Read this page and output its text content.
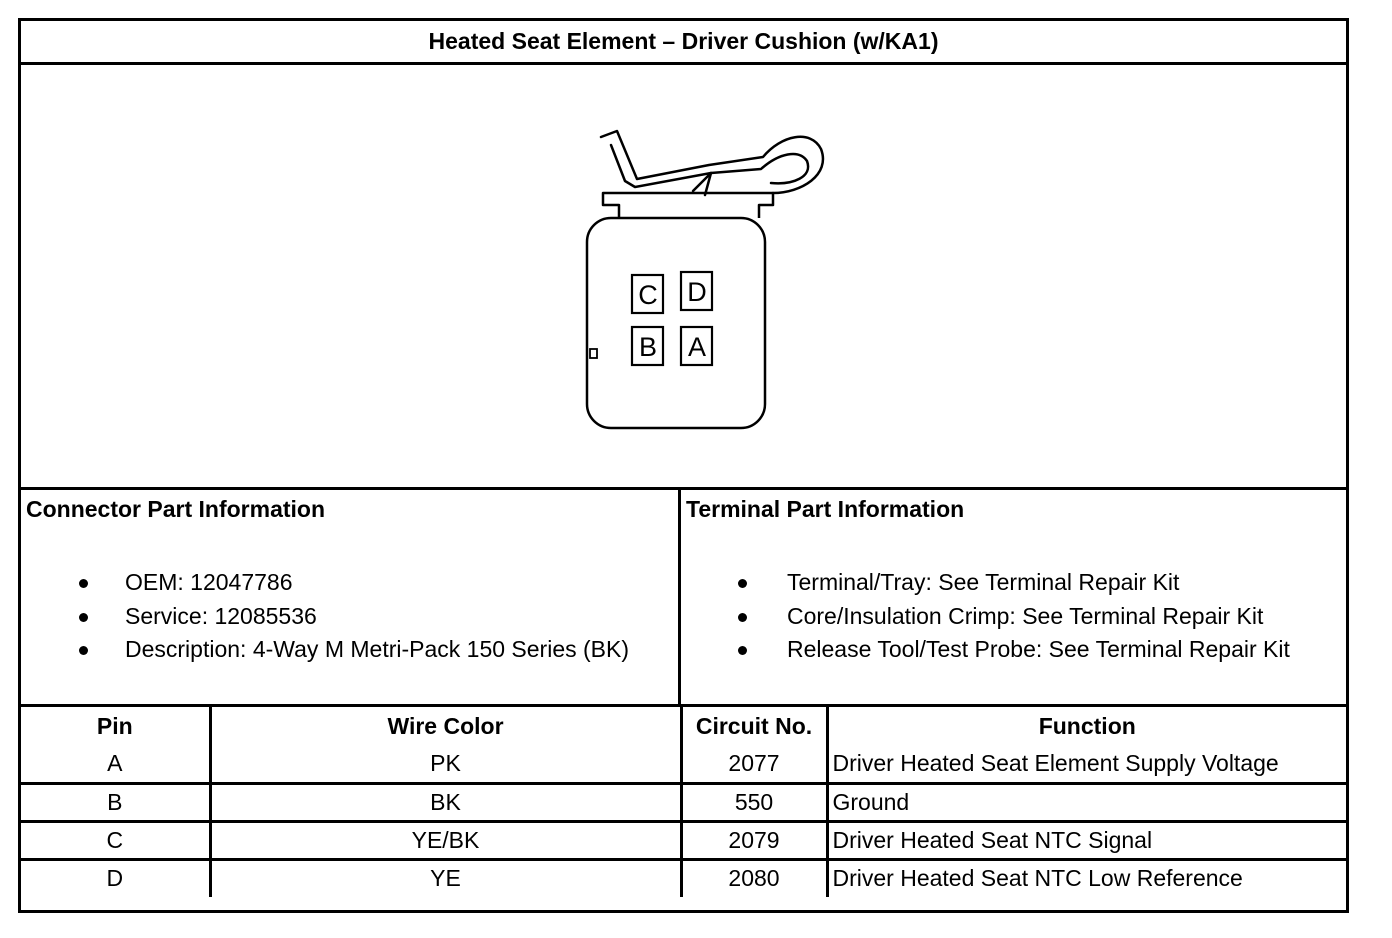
Heated Seat Element – Driver Cushion (w/KA1)
C D
B A
Connector Part Information
OEM: 12047786
Service: 12085536
Description: 4-Way M Metri-Pack 150 Series (BK)
Terminal Part Information
Terminal/Tray: See Terminal Repair Kit
Core/Insulation Crimp: See Terminal Repair Kit
Release Tool/Test Probe: See Terminal Repair Kit
Pin	Wire Color	Circuit No.	Function
A	PK	2077	Driver Heated Seat Element Supply Voltage
B	BK	550	Ground
C	YE/BK	2079	Driver Heated Seat NTC Signal
D	YE	2080	Driver Heated Seat NTC Low Reference
